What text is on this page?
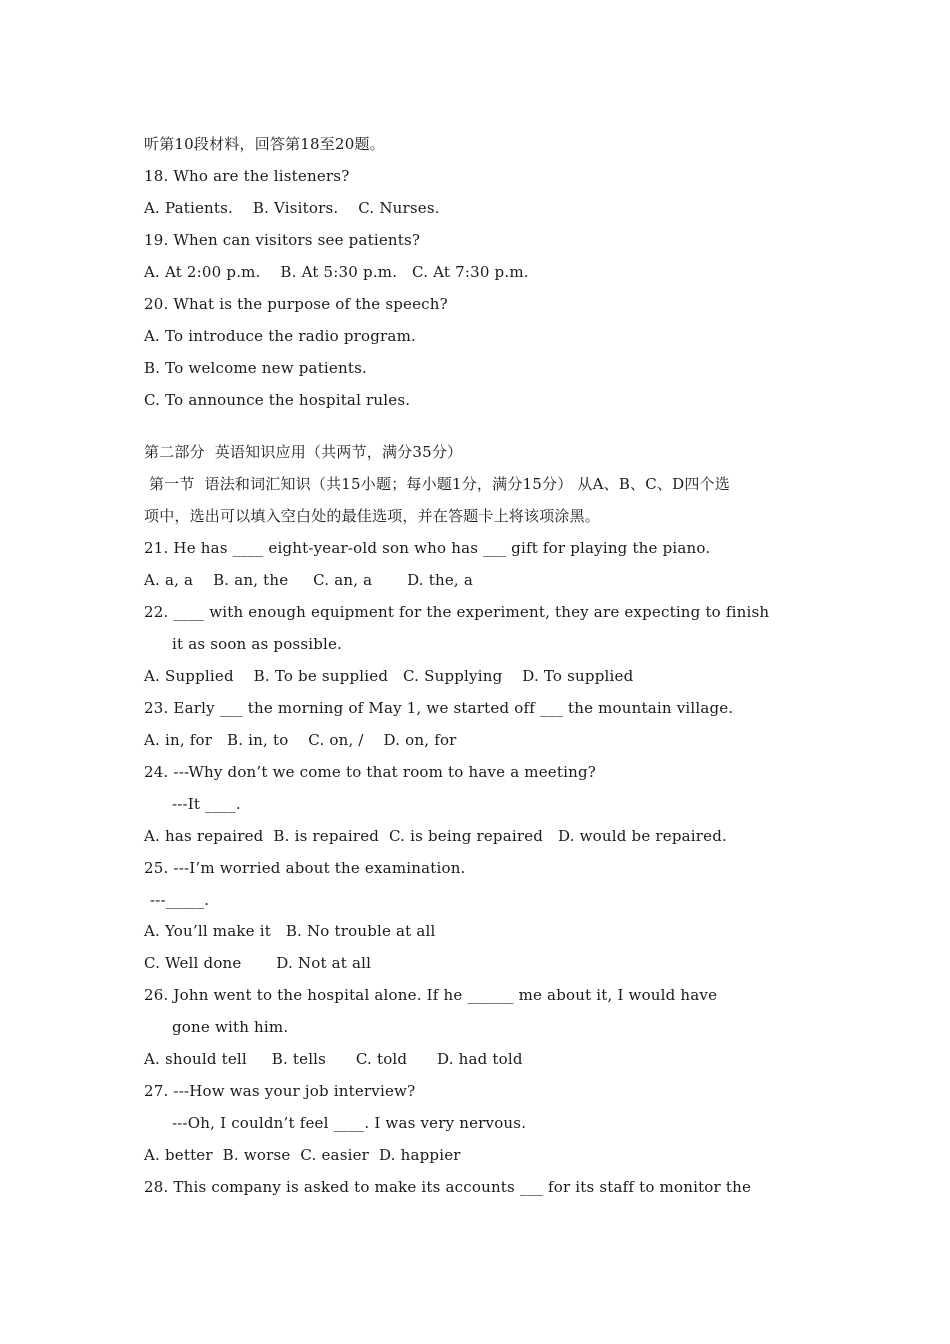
听第10段材料，回答第18至20题。
18. Who are the listeners?
A. Patients.    B. Visitors.    C. Nurses.
19. When can visitors see patients?
A. At 2:00 p.m.    B. At 5:30 p.m.   C. At 7:30 p.m.
20. What is the purpose of the speech?
A. To introduce the radio program.
B. To welcome new patients.
C. To announce the hospital rules.
第二部分  英语知识应用（共两节，满分35分）
第一节  语法和词汇知识（共15小题；每小题1分，满分15分） 从A、B、C、D四个选
项中，选出可以填入空白处的最佳选项，并在答题卡上将该项涂黑。
21. He has ____ eight-year-old son who has ___ gift for playing the piano.
A. a, a    B. an, the     C. an, a       D. the, a
22. ____ with enough equipment for the experiment, they are expecting to finish
it as soon as possible.
A. Supplied    B. To be supplied   C. Supplying    D. To supplied
23. Early ___ the morning of May 1, we started off ___ the mountain village.
A. in, for   B. in, to    C. on, /    D. on, for
24. ---Why don’t we come to that room to have a meeting?
---It ____.
A. has repaired  B. is repaired  C. is being repaired   D. would be repaired.
25. ---I’m worried about the examination.
---_____.
A. You’ll make it   B. No trouble at all
C. Well done       D. Not at all
26. John went to the hospital alone. If he ______ me about it, I would have
gone with him.
A. should tell     B. tells      C. told      D. had told
27. ---How was your job interview?
---Oh, I couldn’t feel ____. I was very nervous.
A. better  B. worse  C. easier  D. happier
28. This company is asked to make its accounts ___ for its staff to monitor the
